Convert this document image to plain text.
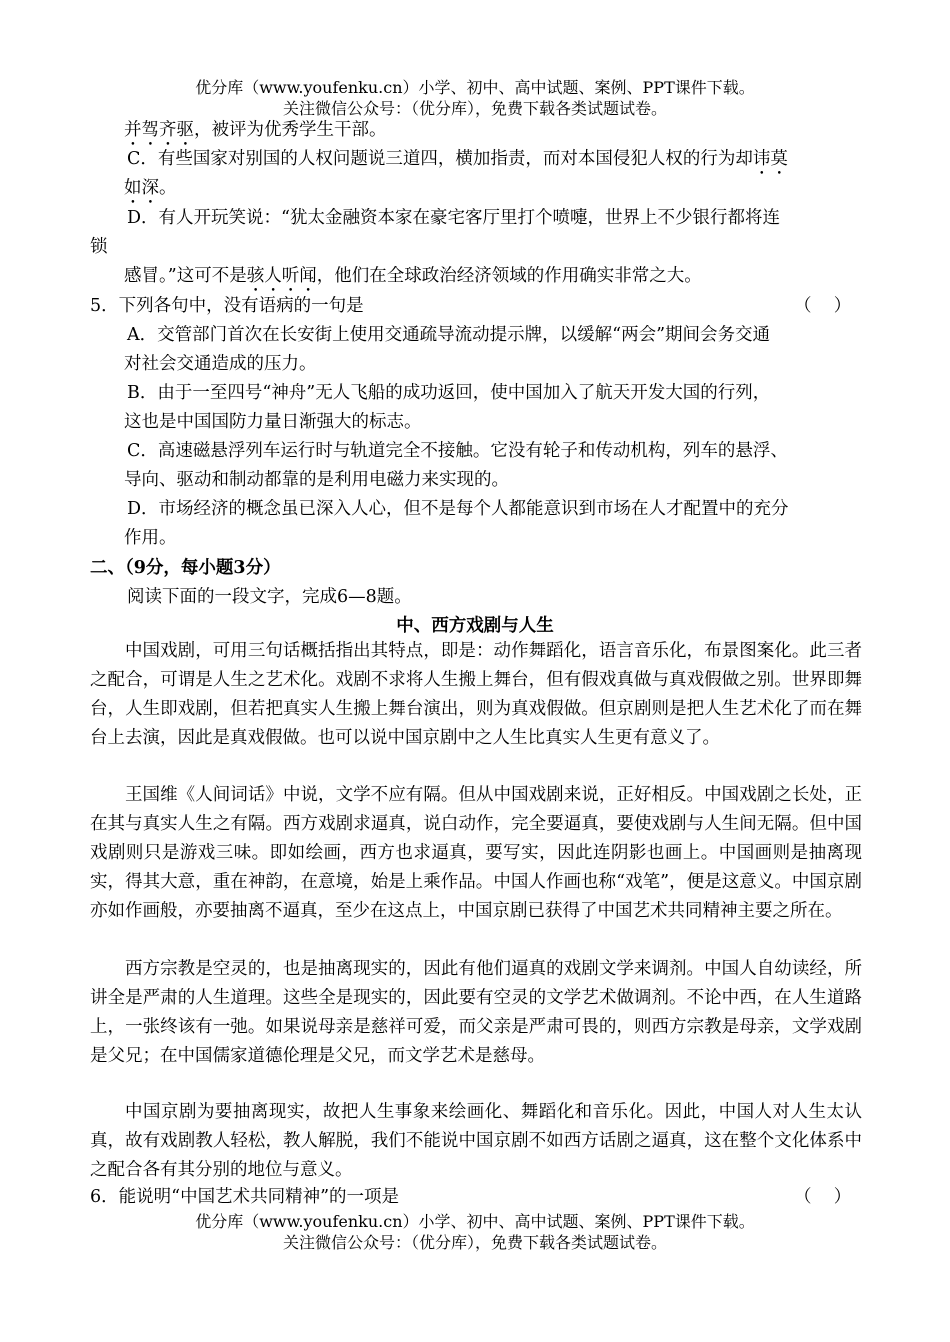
优分库（www.youfenku.cn）小学、初中、高中试题、案例、PPT课件下载。
关注微信公众号：（优分库），免费下载各类试题试卷。
并驾齐驱，被评为优秀学生干部。
C．有些国家对别国的人权问题说三道四，横加指责，而对本国侵犯人权的行为却讳莫
如深。
D．有人开玩笑说：“犹太金融资本家在豪宅客厅里打个喷嚏，世界上不少银行都将连
锁
感冒。”这可不是骇人听闻，他们在全球政治经济领域的作用确实非常之大。
5．下列各句中，没有语病的一句是	（    ）
A．交管部门首次在长安街上使用交通疏导流动提示牌，以缓解“两会”期间会务交通
对社会交通造成的压力。
B．由于一至四号“神舟”无人飞船的成功返回，使中国加入了航天开发大国的行列，
这也是中国国防力量日渐强大的标志。
C．高速磁悬浮列车运行时与轨道完全不接触。它没有轮子和传动机构，列车的悬浮、
导向、驱动和制动都靠的是利用电磁力来实现的。
D．市场经济的概念虽已深入人心，但不是每个人都能意识到市场在人才配置中的充分
作用。
二、（9分，每小题3分）
阅读下面的一段文字，完成6—8题。
中、西方戏剧与人生
中国戏剧，可用三句话概括指出其特点，即是：动作舞蹈化，语言音乐化，布景图案化。此三者之配合，可谓是人生之艺术化。戏剧不求将人生搬上舞台，但有假戏真做与真戏假做之别。世界即舞台，人生即戏剧，但若把真实人生搬上舞台演出，则为真戏假做。但京剧则是把人生艺术化了而在舞台上去演，因此是真戏假做。也可以说中国京剧中之人生比真实人生更有意义了。
王国维《人间词话》中说，文学不应有隔。但从中国戏剧来说，正好相反。中国戏剧之长处，正在其与真实人生之有隔。西方戏剧求逼真，说白动作，完全要逼真，要使戏剧与人生间无隔。但中国戏剧则只是游戏三味。即如绘画，西方也求逼真，要写实，因此连阴影也画上。中国画则是抽离现实，得其大意，重在神韵，在意境，始是上乘作品。中国人作画也称“戏笔”，便是这意义。中国京剧亦如作画般，亦要抽离不逼真，至少在这点上，中国京剧已获得了中国艺术共同精神主要之所在。
西方宗教是空灵的，也是抽离现实的，因此有他们逼真的戏剧文学来调剂。中国人自幼读经，所讲全是严肃的人生道理。这些全是现实的，因此要有空灵的文学艺术做调剂。不论中西，在人生道路上，一张终该有一弛。如果说母亲是慈祥可爱，而父亲是严肃可畏的，则西方宗教是母亲，文学戏剧是父兄；在中国儒家道德伦理是父兄，而文学艺术是慈母。
中国京剧为要抽离现实，故把人生事象来绘画化、舞蹈化和音乐化。因此，中国人对人生太认真，故有戏剧教人轻松，教人解脱，我们不能说中国京剧不如西方话剧之逼真，这在整个文化体系中之配合各有其分别的地位与意义。
6．能说明“中国艺术共同精神”的一项是	（    ）
优分库（www.youfenku.cn）小学、初中、高中试题、案例、PPT课件下载。
关注微信公众号：（优分库），免费下载各类试题试卷。
